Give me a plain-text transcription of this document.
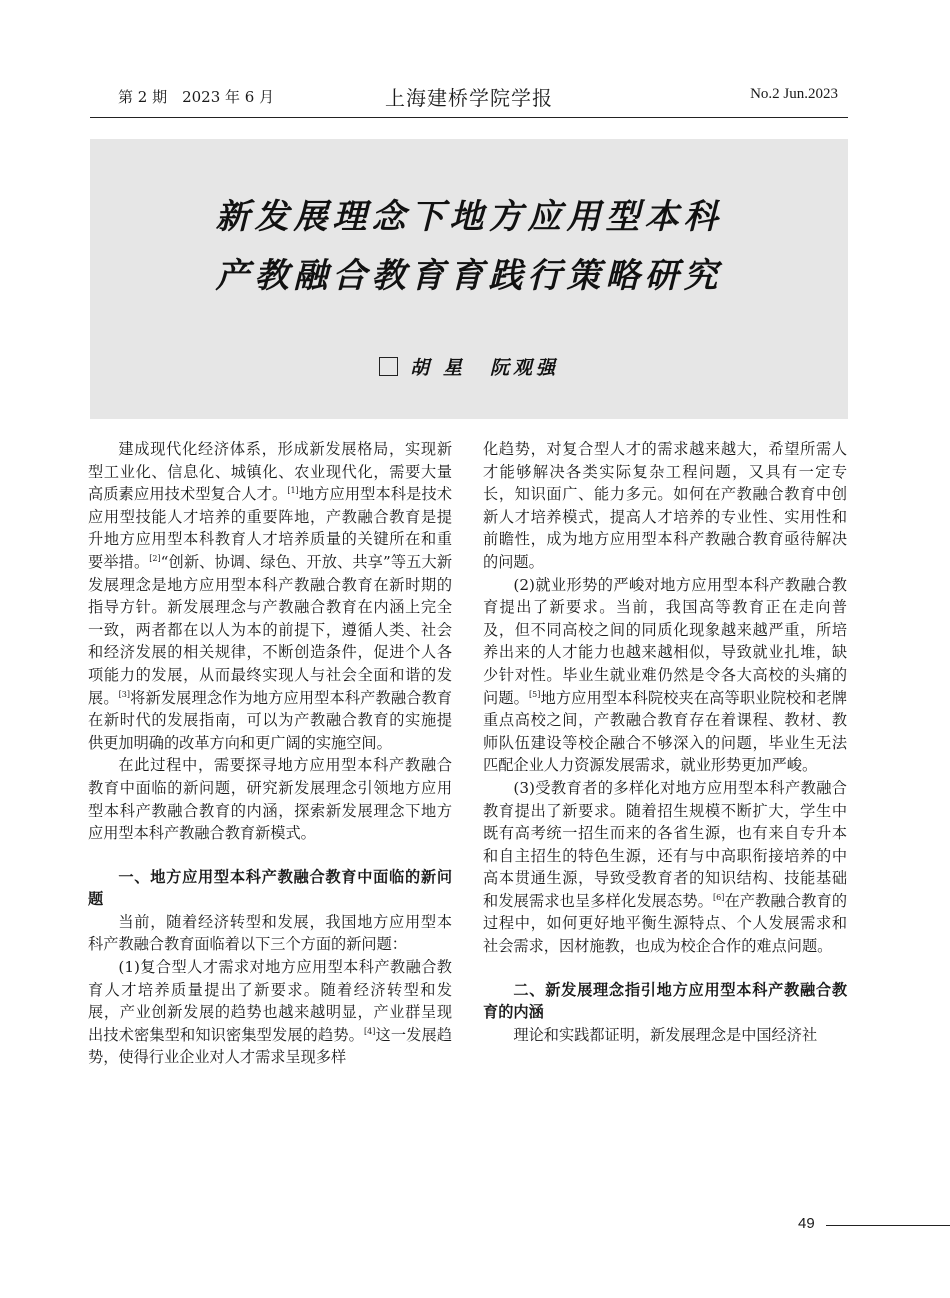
第 2 期　2023 年 6 月	上海建桥学院学报	No.2 Jun.2023
新发展理念下地方应用型本科
产教融合教育育践行策略研究
胡星 阮观强

建成现代化经济体系，形成新发展格局，实现新型工业化、信息化、城镇化、农业现代化，需要大量高质素应用技术型复合人才。[1]地方应用型本科是技术应用型技能人才培养的重要阵地，产教融合教育是提升地方应用型本科教育人才培养质量的关键所在和重要举措。[2]“创新、协调、绿色、开放、共享”等五大新发展理念是地方应用型本科产教融合教育在新时期的指导方针。新发展理念与产教融合教育在内涵上完全一致，两者都在以人为本的前提下，遵循人类、社会和经济发展的相关规律，不断创造条件，促进个人各项能力的发展，从而最终实现人与社会全面和谐的发展。[3]将新发展理念作为地方应用型本科产教融合教育在新时代的发展指南，可以为产教融合教育的实施提供更加明确的改革方向和更广阔的实施空间。

在此过程中，需要探寻地方应用型本科产教融合教育中面临的新问题，研究新发展理念引领地方应用型本科产教融合教育的内涵，探索新发展理念下地方应用型本科产教融合教育新模式。

一、地方应用型本科产教融合教育中面临的新问题

当前，随着经济转型和发展，我国地方应用型本科产教融合教育面临着以下三个方面的新问题：

(1)复合型人才需求对地方应用型本科产教融合教育人才培养质量提出了新要求。随着经济转型和发展，产业创新发展的趋势也越来越明显，产业群呈现出技术密集型和知识密集型发展的趋势。[4]这一发展趋势，使得行业企业对人才需求呈现多样

化趋势，对复合型人才的需求越来越大，希望所需人才能够解决各类实际复杂工程问题，又具有一定专长，知识面广、能力多元。如何在产教融合教育中创新人才培养模式，提高人才培养的专业性、实用性和前瞻性，成为地方应用型本科产教融合教育亟待解决的问题。

(2)就业形势的严峻对地方应用型本科产教融合教育提出了新要求。当前，我国高等教育正在走向普及，但不同高校之间的同质化现象越来越严重，所培养出来的人才能力也越来越相似，导致就业扎堆，缺少针对性。毕业生就业难仍然是令各大高校的头痛的问题。[5]地方应用型本科院校夹在高等职业院校和老牌重点高校之间，产教融合教育存在着课程、教材、教师队伍建设等校企融合不够深入的问题，毕业生无法匹配企业人力资源发展需求，就业形势更加严峻。

(3)受教育者的多样化对地方应用型本科产教融合教育提出了新要求。随着招生规模不断扩大，学生中既有高考统一招生而来的各省生源，也有来自专升本和自主招生的特色生源，还有与中高职衔接培养的中高本贯通生源，导致受教育者的知识结构、技能基础和发展需求也呈多样化发展态势。[6]在产教融合教育的过程中，如何更好地平衡生源特点、个人发展需求和社会需求，因材施教，也成为校企合作的难点问题。

二、新发展理念指引地方应用型本科产教融合教育的内涵

理论和实践都证明，新发展理念是中国经济社

49
